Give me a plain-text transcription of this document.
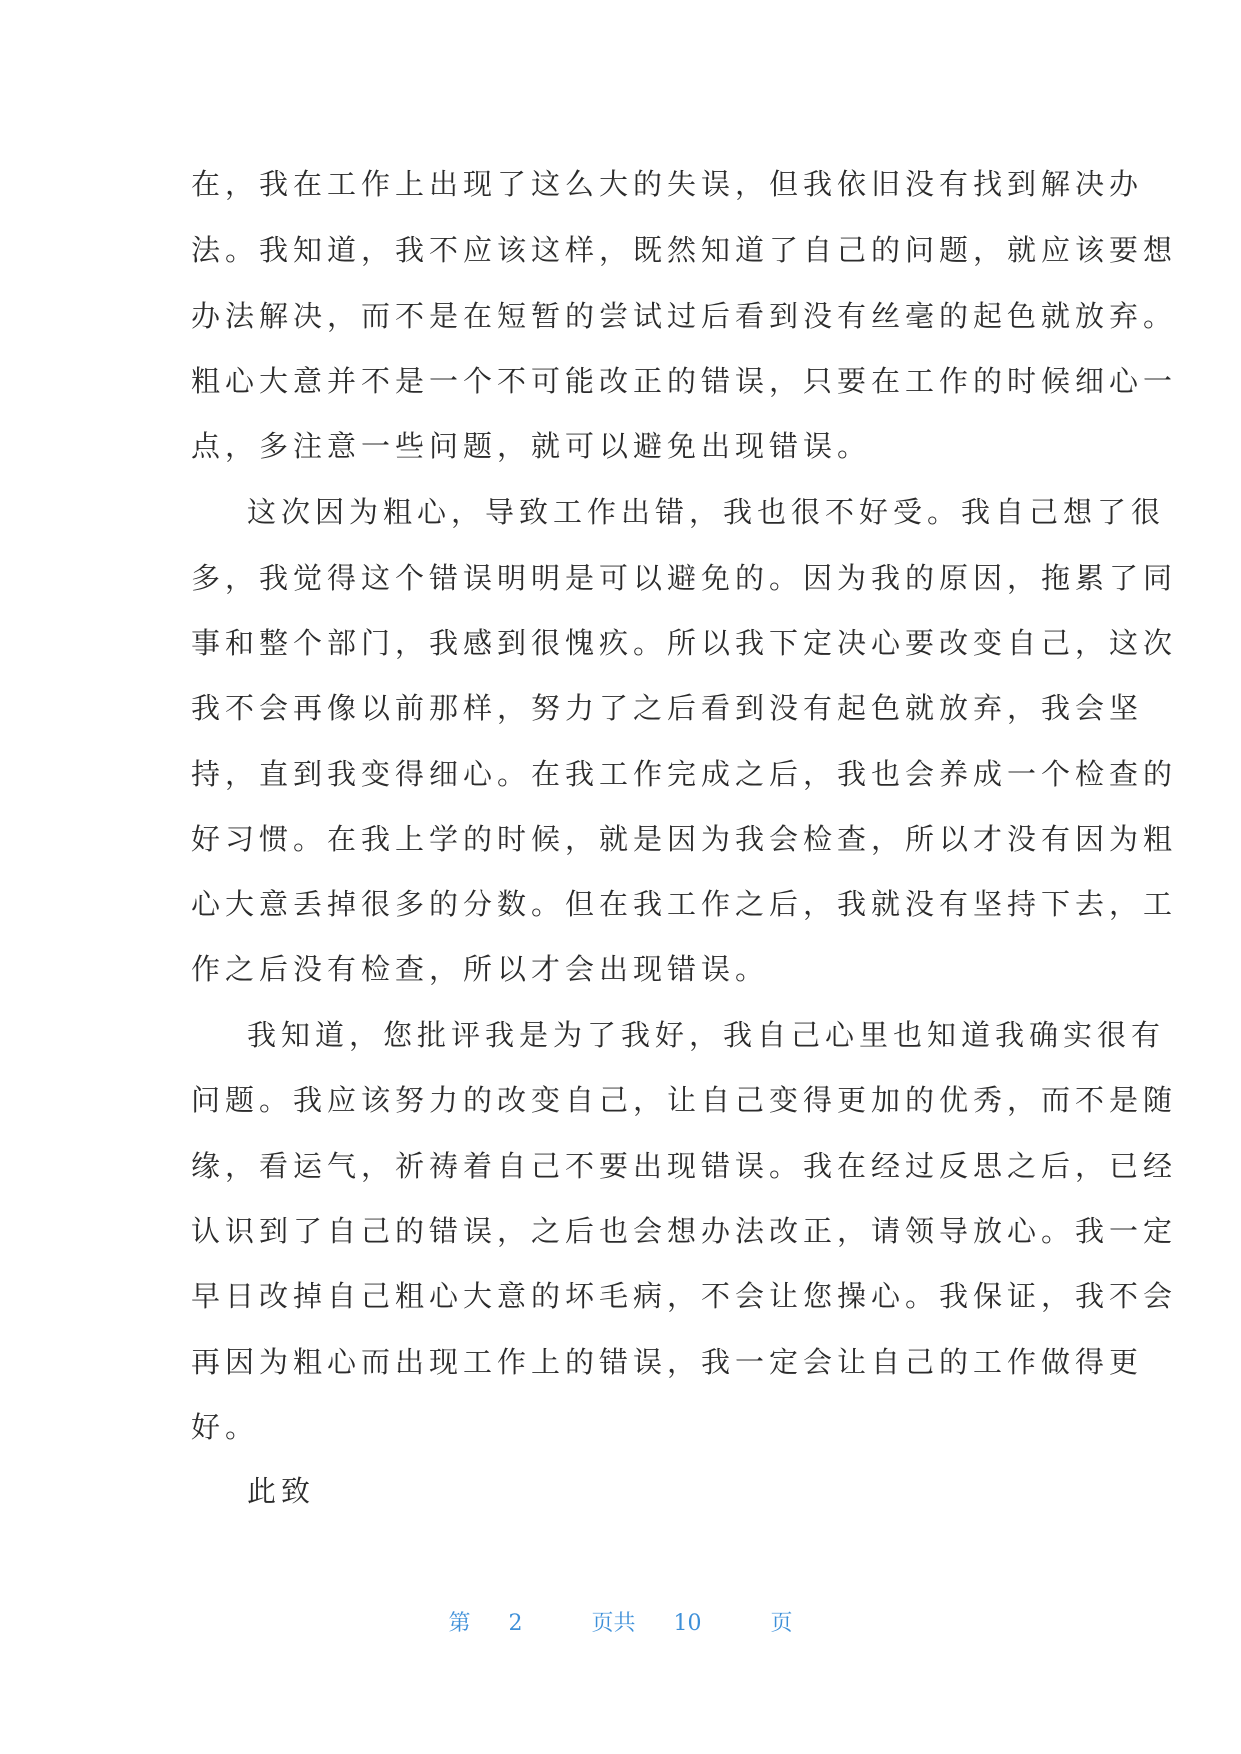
在，我在工作上出现了这么大的失误，但我依旧没有找到解决办
法。我知道，我不应该这样，既然知道了自己的问题，就应该要想
办法解决，而不是在短暂的尝试过后看到没有丝毫的起色就放弃。
粗心大意并不是一个不可能改正的错误，只要在工作的时候细心一
点，多注意一些问题，就可以避免出现错误。
这次因为粗心，导致工作出错，我也很不好受。我自己想了很
多，我觉得这个错误明明是可以避免的。因为我的原因，拖累了同
事和整个部门，我感到很愧疚。所以我下定决心要改变自己，这次
我不会再像以前那样，努力了之后看到没有起色就放弃，我会坚
持，直到我变得细心。在我工作完成之后，我也会养成一个检查的
好习惯。在我上学的时候，就是因为我会检查，所以才没有因为粗
心大意丢掉很多的分数。但在我工作之后，我就没有坚持下去，工
作之后没有检查，所以才会出现错误。
我知道，您批评我是为了我好，我自己心里也知道我确实很有
问题。我应该努力的改变自己，让自己变得更加的优秀，而不是随
缘，看运气，祈祷着自己不要出现错误。我在经过反思之后，已经
认识到了自己的错误，之后也会想办法改正，请领导放心。我一定
早日改掉自己粗心大意的坏毛病，不会让您操心。我保证，我不会
再因为粗心而出现工作上的错误，我一定会让自己的工作做得更
好。
此致
第 2	页共 10	页
